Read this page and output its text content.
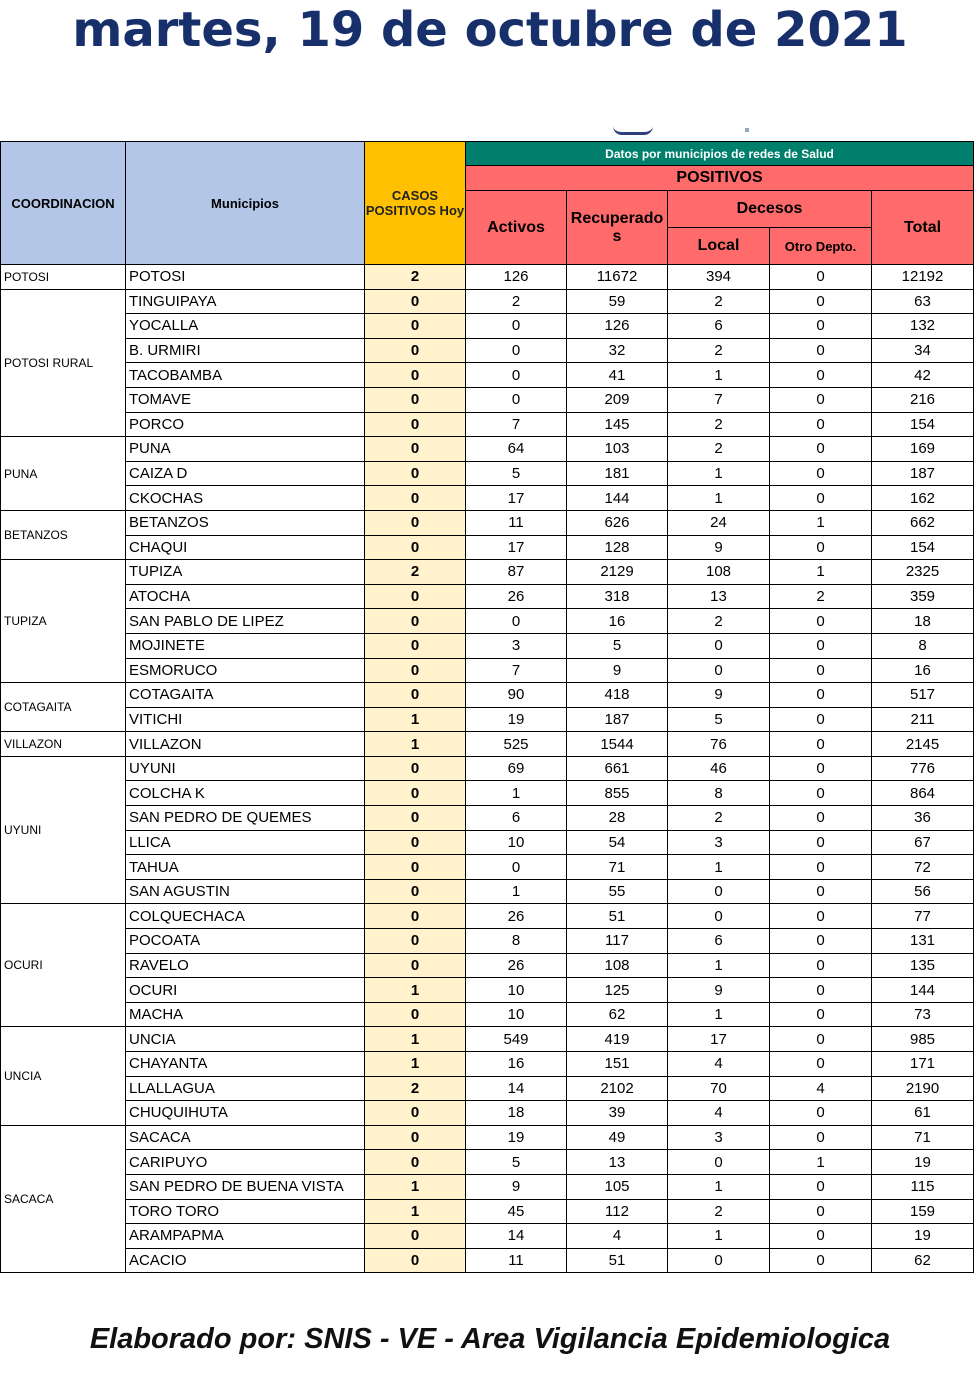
martes, 19 de octubre de 2021
COORDINACION	Municipios	CASOS POSITIVOS Hoy	Datos por municipios de redes de Salud				
			POSITIVOS				
			Activos	Recuperado s	Decesos		Total
					Local	Otro Depto.	
POTOSI	POTOSI	2	126	11672	394	0	12192
POTOSI RURAL	TINGUIPAYA	0	2	59	2	0	63
	YOCALLA	0	0	126	6	0	132
	B. URMIRI	0	0	32	2	0	34
	TACOBAMBA	0	0	41	1	0	42
	TOMAVE	0	0	209	7	0	216
	PORCO	0	7	145	2	0	154
PUNA	PUNA	0	64	103	2	0	169
	CAIZA D	0	5	181	1	0	187
	CKOCHAS	0	17	144	1	0	162
BETANZOS	BETANZOS	0	11	626	24	1	662
	CHAQUI	0	17	128	9	0	154
TUPIZA	TUPIZA	2	87	2129	108	1	2325
	ATOCHA	0	26	318	13	2	359
	SAN PABLO DE LIPEZ	0	0	16	2	0	18
	MOJINETE	0	3	5	0	0	8
	ESMORUCO	0	7	9	0	0	16
COTAGAITA	COTAGAITA	0	90	418	9	0	517
	VITICHI	1	19	187	5	0	211
VILLAZON	VILLAZON	1	525	1544	76	0	2145
UYUNI	UYUNI	0	69	661	46	0	776
	COLCHA K	0	1	855	8	0	864
	SAN PEDRO DE QUEMES	0	6	28	2	0	36
	LLICA	0	10	54	3	0	67
	TAHUA	0	0	71	1	0	72
	SAN AGUSTIN	0	1	55	0	0	56
OCURI	COLQUECHACA	0	26	51	0	0	77
	POCOATA	0	8	117	6	0	131
	RAVELO	0	26	108	1	0	135
	OCURI	1	10	125	9	0	144
	MACHA	0	10	62	1	0	73
UNCIA	UNCIA	1	549	419	17	0	985
	CHAYANTA	1	16	151	4	0	171
	LLALLAGUA	2	14	2102	70	4	2190
	CHUQUIHUTA	0	18	39	4	0	61
SACACA	SACACA	0	19	49	3	0	71
	CARIPUYO	0	5	13	0	1	19
	SAN PEDRO DE BUENA VISTA	1	9	105	1	0	115
	TORO TORO	1	45	112	2	0	159
	ARAMPAPMA	0	14	4	1	0	19
	ACACIO	0	11	51	0	0	62
Elaborado por: SNIS - VE - Area Vigilancia Epidemiologica
